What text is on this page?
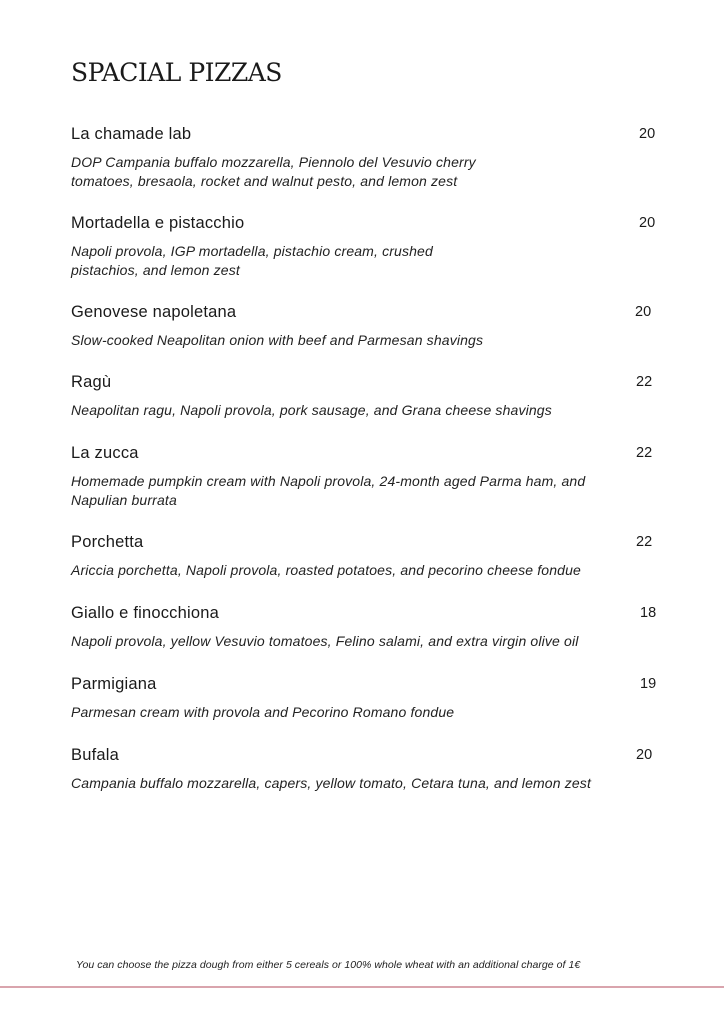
SPACIAL PIZZAS
La chamade lab	20
DOP Campania buffalo mozzarella, Piennolo del Vesuvio cherry tomatoes, bresaola, rocket and walnut pesto, and lemon zest
Mortadella e pistacchio	20
Napoli provola, IGP mortadella, pistachio cream, crushed pistachios, and lemon zest
Genovese napoletana	20
Slow-cooked Neapolitan onion with beef and Parmesan shavings
Ragù	22
Neapolitan ragu, Napoli provola, pork sausage, and Grana cheese shavings
La zucca	22
Homemade pumpkin cream with Napoli provola, 24-month aged Parma ham, and Napulian burrata
Porchetta	22
Ariccia porchetta, Napoli provola, roasted potatoes, and pecorino cheese fondue
Giallo e finocchiona	18
Napoli provola, yellow Vesuvio tomatoes, Felino salami, and extra virgin olive oil
Parmigiana	19
Parmesan cream with provola and Pecorino Romano fondue
Bufala	20
Campania buffalo mozzarella, capers, yellow tomato, Cetara tuna, and lemon zest
You can choose the pizza dough from either 5 cereals or 100% whole wheat with an additional charge of 1€
